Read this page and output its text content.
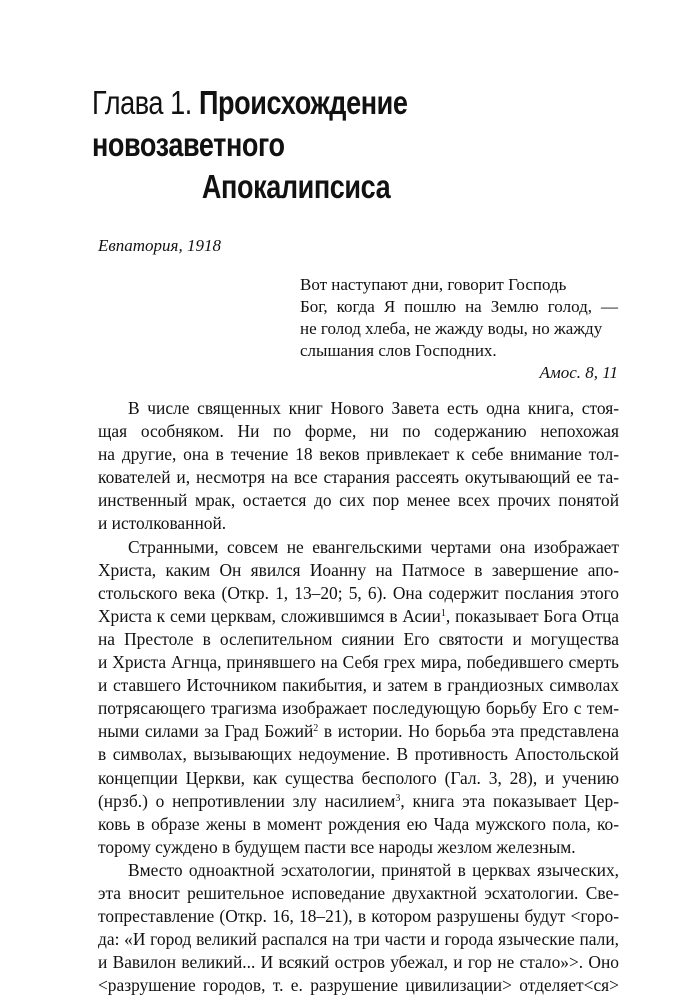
Глава 1. Происхождение новозаветного
Апокалипсиса
Евпатория, 1918
Вот наступают дни, говорит Господь
Бог, когда Я пошлю на Землю голод, —
не голод хлеба, не жажду воды, но жажду
слышания слов Господних.
Амос. 8, 11
В числе священных книг Нового Завета есть одна книга, стоя-
щая особняком. Ни по форме, ни по содержанию непохожая
на другие, она в течение 18 веков привлекает к себе внимание тол-
кователей и, несмотря на все старания рассеять окутывающий ее та-
инственный мрак, остается до сих пор менее всех прочих понятой
и истолкованной.
Странными, совсем не евангельскими чертами она изображает
Христа, каким Он явился Иоанну на Патмосе в завершение апо-
стольского века (Откр. 1, 13–20; 5, 6). Она содержит послания этого
Христа к семи церквам, сложившимся в Асии$^1$, показывает Бога Отца
на Престоле в ослепительном сиянии Его святости и могущества
и Христа Агнца, принявшего на Себя грех мира, победившего смерть
и ставшего Источником пакибытия, и затем в грандиозных символах
потрясающего трагизма изображает последующую борьбу Его с тем-
ными силами за Град Божий$^2$ в истории. Но борьба эта представлена
в символах, вызывающих недоумение. В противность Апостольской
концепции Церкви, как существа бесполого (Гал. 3, 28), и учению
(нрзб.) о непротивлении злу насилием$^3$, книга эта показывает Цер-
ковь в образе жены в момент рождения ею Чада мужского пола, ко-
торому суждено в будущем пасти все народы жезлом железным.
Вместо одноактной эсхатологии, принятой в церквах языческих,
эта вносит решительное исповедание двухактной эсхатологии. Све-
топреставление (Откр. 16, 18–21), в котором разрушены будут <горо-
да: «И город великий распался на три части и города языческие пали,
и Вавилон великий... И всякий остров убежал, и гор не стало»>. Оно
<разрушение городов, т. е. разрушение цивилизации> отделяет<ся>
